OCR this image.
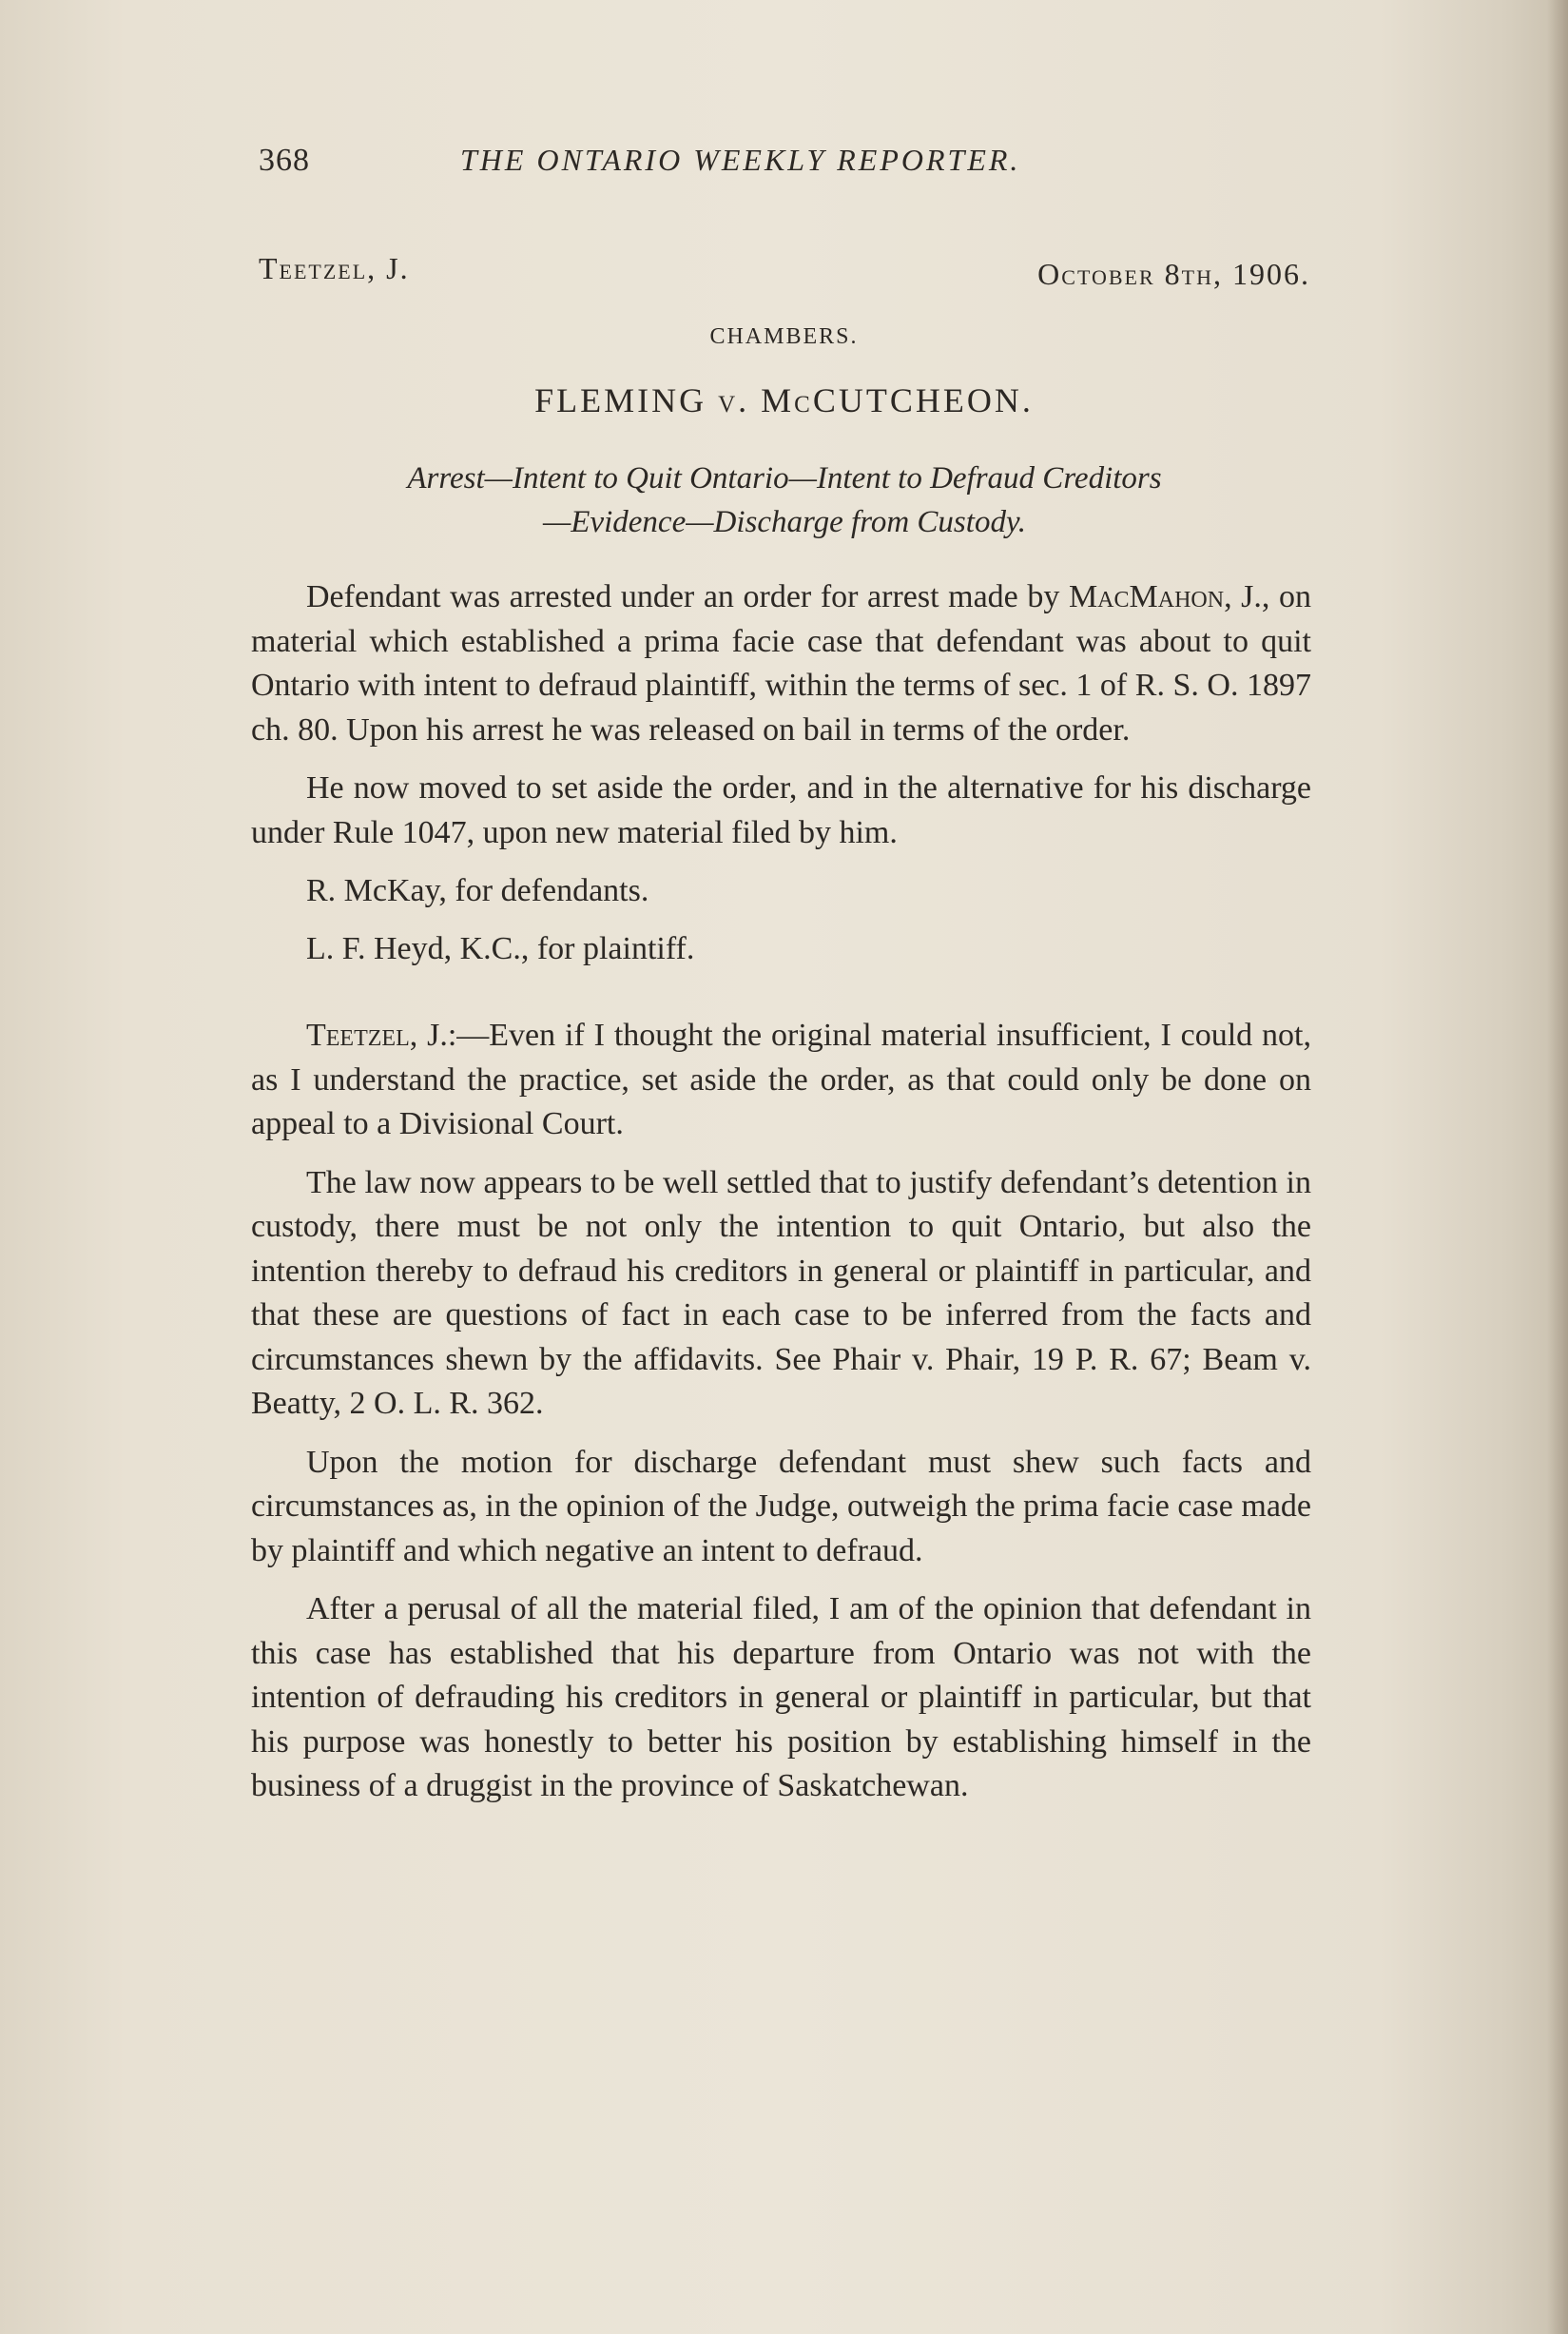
368	THE ONTARIO WEEKLY REPORTER.
Teetzel, J.	October 8th, 1906.
CHAMBERS.
FLEMING v. McCUTCHEON.
Arrest—Intent to Quit Ontario—Intent to Defraud Creditors
—Evidence—Discharge from Custody.

Defendant was arrested under an order for arrest made by MacMahon, J., on material which established a prima facie case that defendant was about to quit Ontario with intent to defraud plaintiff, within the terms of sec. 1 of R. S. O. 1897 ch. 80. Upon his arrest he was released on bail in terms of the order.

He now moved to set aside the order, and in the alternative for his discharge under Rule 1047, upon new material filed by him.

R. McKay, for defendants.

L. F. Heyd, K.C., for plaintiff.

Teetzel, J.:—Even if I thought the original material insufficient, I could not, as I understand the practice, set aside the order, as that could only be done on appeal to a Divisional Court.

The law now appears to be well settled that to justify defendant’s detention in custody, there must be not only the intention to quit Ontario, but also the intention thereby to defraud his creditors in general or plaintiff in particular, and that these are questions of fact in each case to be inferred from the facts and circumstances shewn by the affidavits. See Phair v. Phair, 19 P. R. 67; Beam v. Beatty, 2 O. L. R. 362.

Upon the motion for discharge defendant must shew such facts and circumstances as, in the opinion of the Judge, outweigh the prima facie case made by plaintiff and which negative an intent to defraud.

After a perusal of all the material filed, I am of the opinion that defendant in this case has established that his departure from Ontario was not with the intention of defrauding his creditors in general or plaintiff in particular, but that his purpose was honestly to better his position by establishing himself in the business of a druggist in the province of Saskatchewan.
